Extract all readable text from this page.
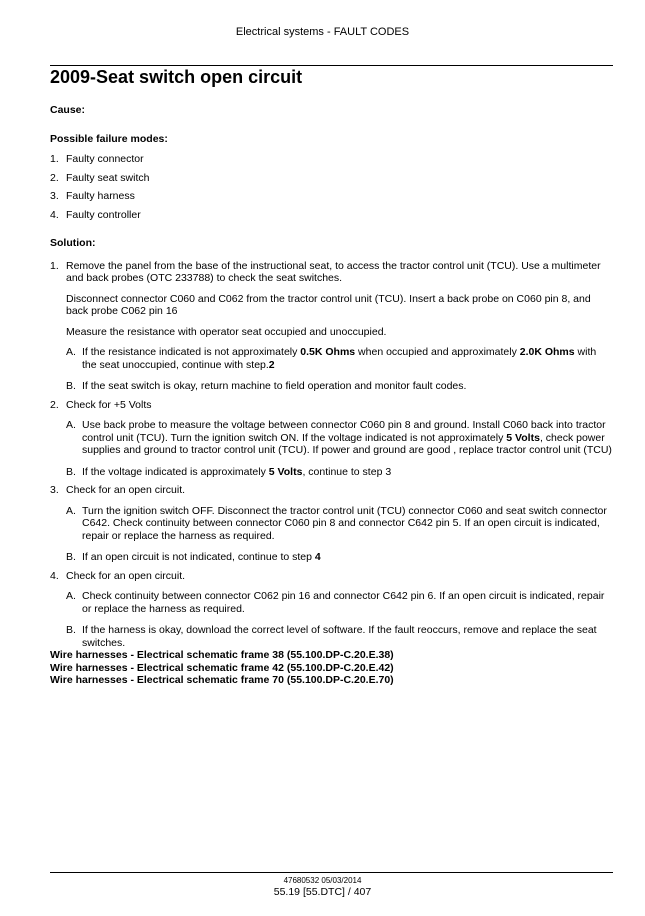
Electrical systems - FAULT CODES
2009-Seat switch open circuit
Cause:
Possible failure modes:
1. Faulty connector
2. Faulty seat switch
3. Faulty harness
4. Faulty controller
Solution:
1. Remove the panel from the base of the instructional seat, to access the tractor control unit (TCU). Use a multimeter and back probes (OTC 233788) to check the seat switches.

Disconnect connector C060 and C062 from the tractor control unit (TCU). Insert a back probe on C060 pin 8, and back probe C062 pin 16

Measure the resistance with operator seat occupied and unoccupied.

A. If the resistance indicated is not approximately 0.5K Ohms when occupied and approximately 2.0K Ohms with the seat unoccupied, continue with step.2
B. If the seat switch is okay, return machine to field operation and monitor fault codes.
2. Check for +5 Volts
A. Use back probe to measure the voltage between connector C060 pin 8 and ground. Install C060 back into tractor control unit (TCU). Turn the ignition switch ON. If the voltage indicated is not approximately 5 Volts, check power supplies and ground to tractor control unit (TCU). If power and ground are good , replace tractor control unit (TCU)
B. If the voltage indicated is approximately 5 Volts, continue to step 3
3. Check for an open circuit.
A. Turn the ignition switch OFF. Disconnect the tractor control unit (TCU) connector C060 and seat switch connector C642. Check continuity between connector C060 pin 8 and connector C642 pin 5. If an open circuit is indicated, repair or replace the harness as required.
B. If an open circuit is not indicated, continue to step 4
4. Check for an open circuit.
A. Check continuity between connector C062 pin 16 and connector C642 pin 6. If an open circuit is indicated, repair or replace the harness as required.
B. If the harness is okay, download the correct level of software. If the fault reoccurs, remove and replace the seat switches.
Wire harnesses - Electrical schematic frame 38 (55.100.DP-C.20.E.38)
Wire harnesses - Electrical schematic frame 42 (55.100.DP-C.20.E.42)
Wire harnesses - Electrical schematic frame 70 (55.100.DP-C.20.E.70)
47680532 05/03/2014
55.19 [55.DTC] / 407
